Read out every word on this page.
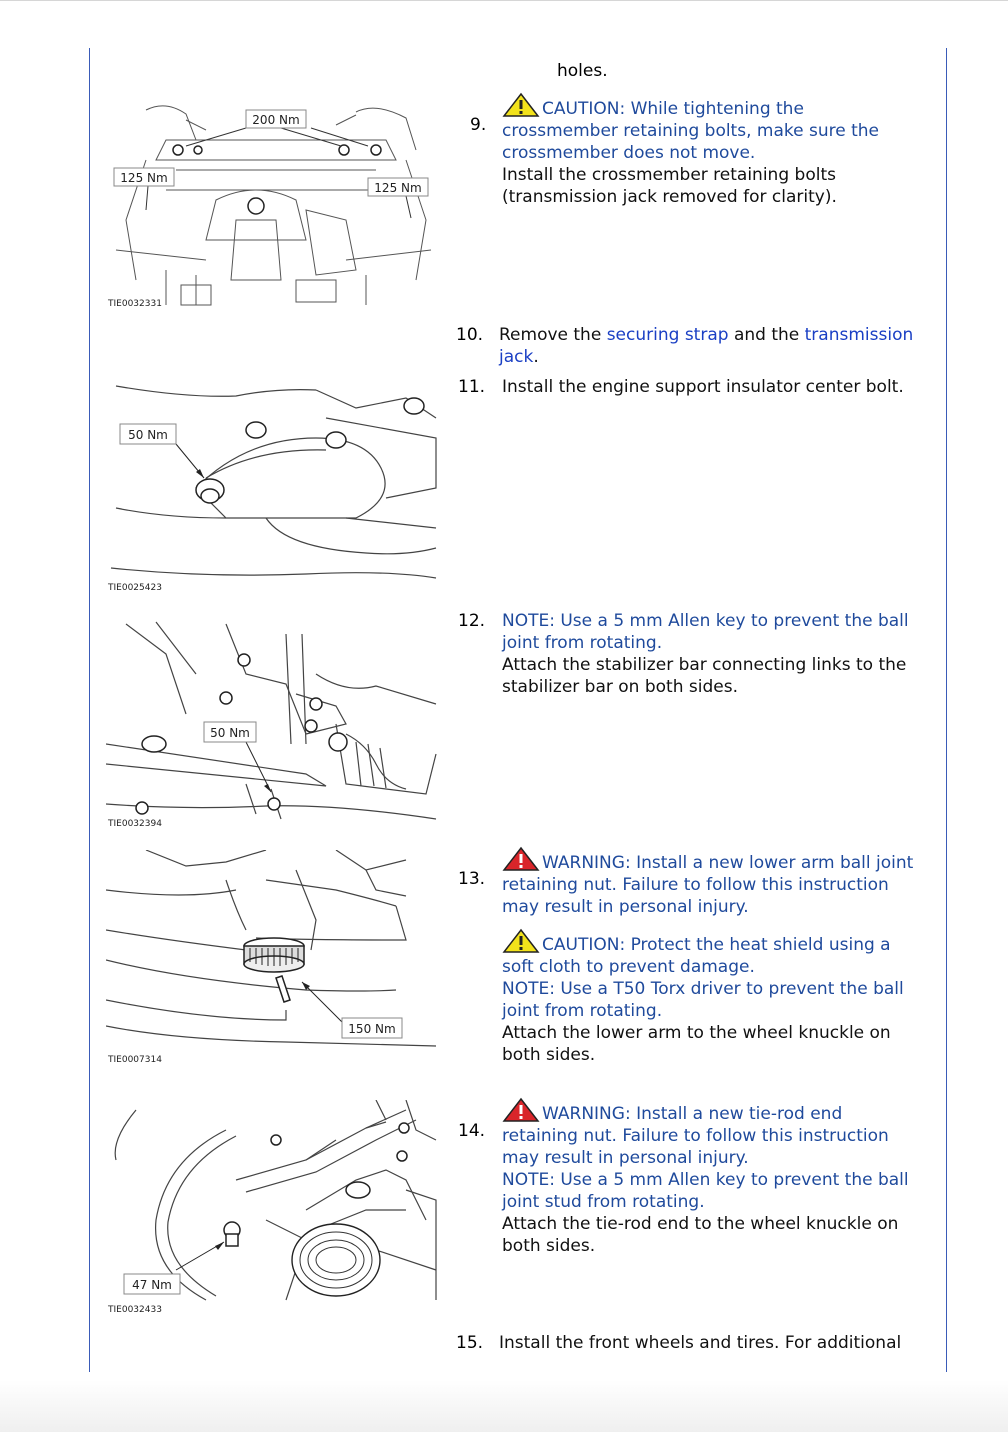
holes.
200 Nm
125 Nm
125 Nm
TIE0032331
9.

CAUTION: While tightening the crossmember retaining bolts, make sure the crossmember does not move.

Install the crossmember retaining bolts (transmission jack removed for clarity).

10. Remove the securing strap and the transmission jack.

11. Install the engine support insulator center bolt.

50 Nm
TIE0025423
50 Nm
TIE0032394
12. NOTE: Use a 5 mm Allen key to prevent the ball joint from rotating.

Attach the stabilizer bar connecting links to the stabilizer bar on both sides.

150 Nm
TIE0007314
13.

WARNING: Install a new lower arm ball joint retaining nut. Failure to follow this instruction may result in personal injury.

CAUTION: Protect the heat shield using a soft cloth to prevent damage.

NOTE: Use a T50 Torx driver to prevent the ball joint from rotating.

Attach the lower arm to the wheel knuckle on both sides.

47 Nm
TIE0032433
14.

WARNING: Install a new tie-rod end retaining nut. Failure to follow this instruction may result in personal injury.

NOTE: Use a 5 mm Allen key to prevent the ball joint stud from rotating.

Attach the tie-rod end to the wheel knuckle on both sides.

15. Install the front wheels and tires. For additional
